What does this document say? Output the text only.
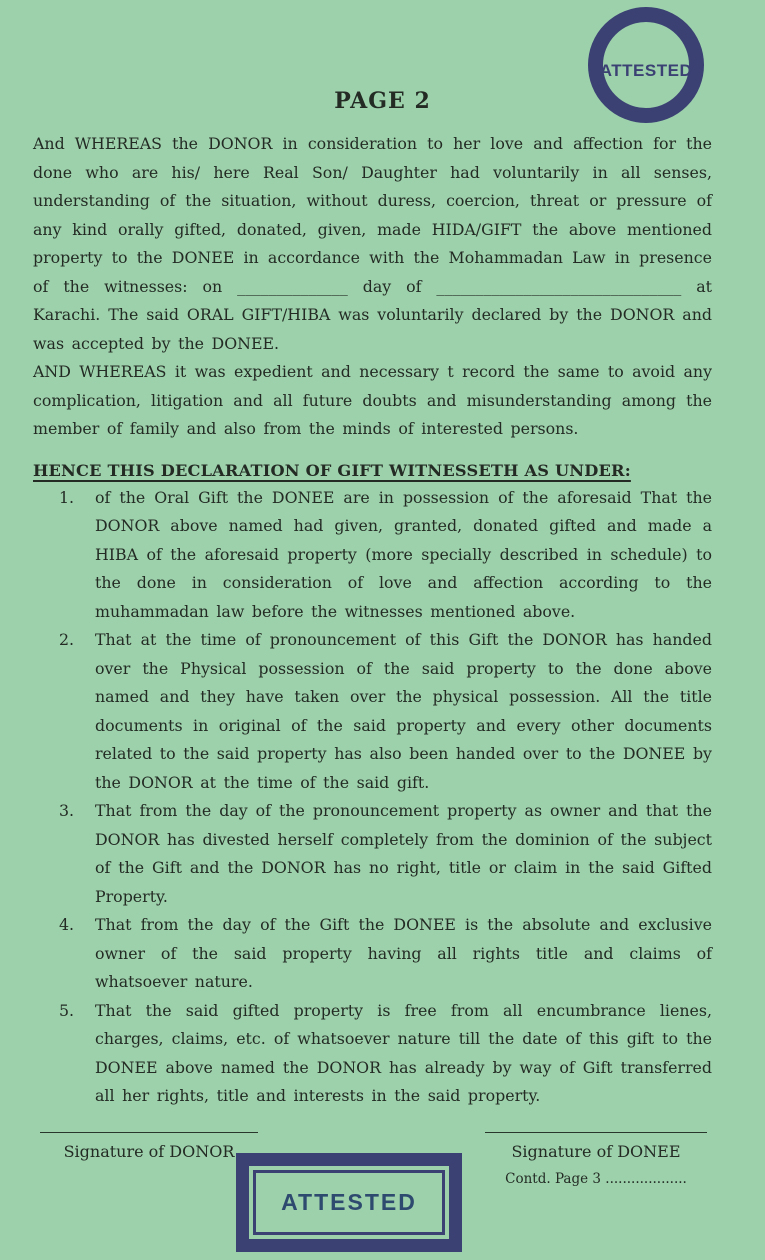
ATTESTED
PAGE 2

And WHEREAS the DONOR in consideration to her love and affection for the done who are his/ here Real Son/ Daughter had voluntarily in all senses, understanding of the situation, without duress, coercion, threat or pressure of any kind orally gifted, donated, given, made HIDA/GIFT the above mentioned property to the DONEE in accordance with the Mohammadan Law in presence of the witnesses: on ______________ day of _______________________________ at Karachi. The said ORAL GIFT/HIBA was voluntarily declared by the DONOR and was accepted by the DONEE.

AND WHEREAS it was expedient and necessary t record the same to avoid any complication, litigation and all future doubts and misunderstanding among the member of family and also from the minds of interested persons.

HENCE THIS DECLARATION OF GIFT WITNESSETH AS UNDER:
1.	of the Oral Gift the DONEE are in possession of the aforesaid That the DONOR above named had given, granted, donated gifted and made a HIBA of the aforesaid property (more specially described in schedule) to the done in consideration of love and affection according to the muhammadan law before the witnesses mentioned above.

2.	That at the time of pronouncement of this Gift the DONOR has handed over the Physical possession of the said property to the done above named and they have taken over the physical possession. All the title documents in original of the said property and every other documents related to the said property has also been handed over to the DONEE by the DONOR at the time of the said gift.

3.	That from the day of the pronouncement property as owner and that the DONOR has divested herself completely from the dominion of the subject of the Gift and the DONOR has no right, title or claim in the said Gifted Property.

4.	That from the day of the Gift the DONEE is the absolute and exclusive owner of the said property having all rights title and claims of whatsoever nature.

5.	That the said gifted property is free from all encumbrance lienes, charges, claims, etc. of whatsoever nature till the date of this gift to the DONEE above named the DONOR has already by way of Gift transferred all her rights, title and interests in the said property.

Signature of DONOR	Signature of DONEE
Contd. Page 3 ...................
ATTESTED
